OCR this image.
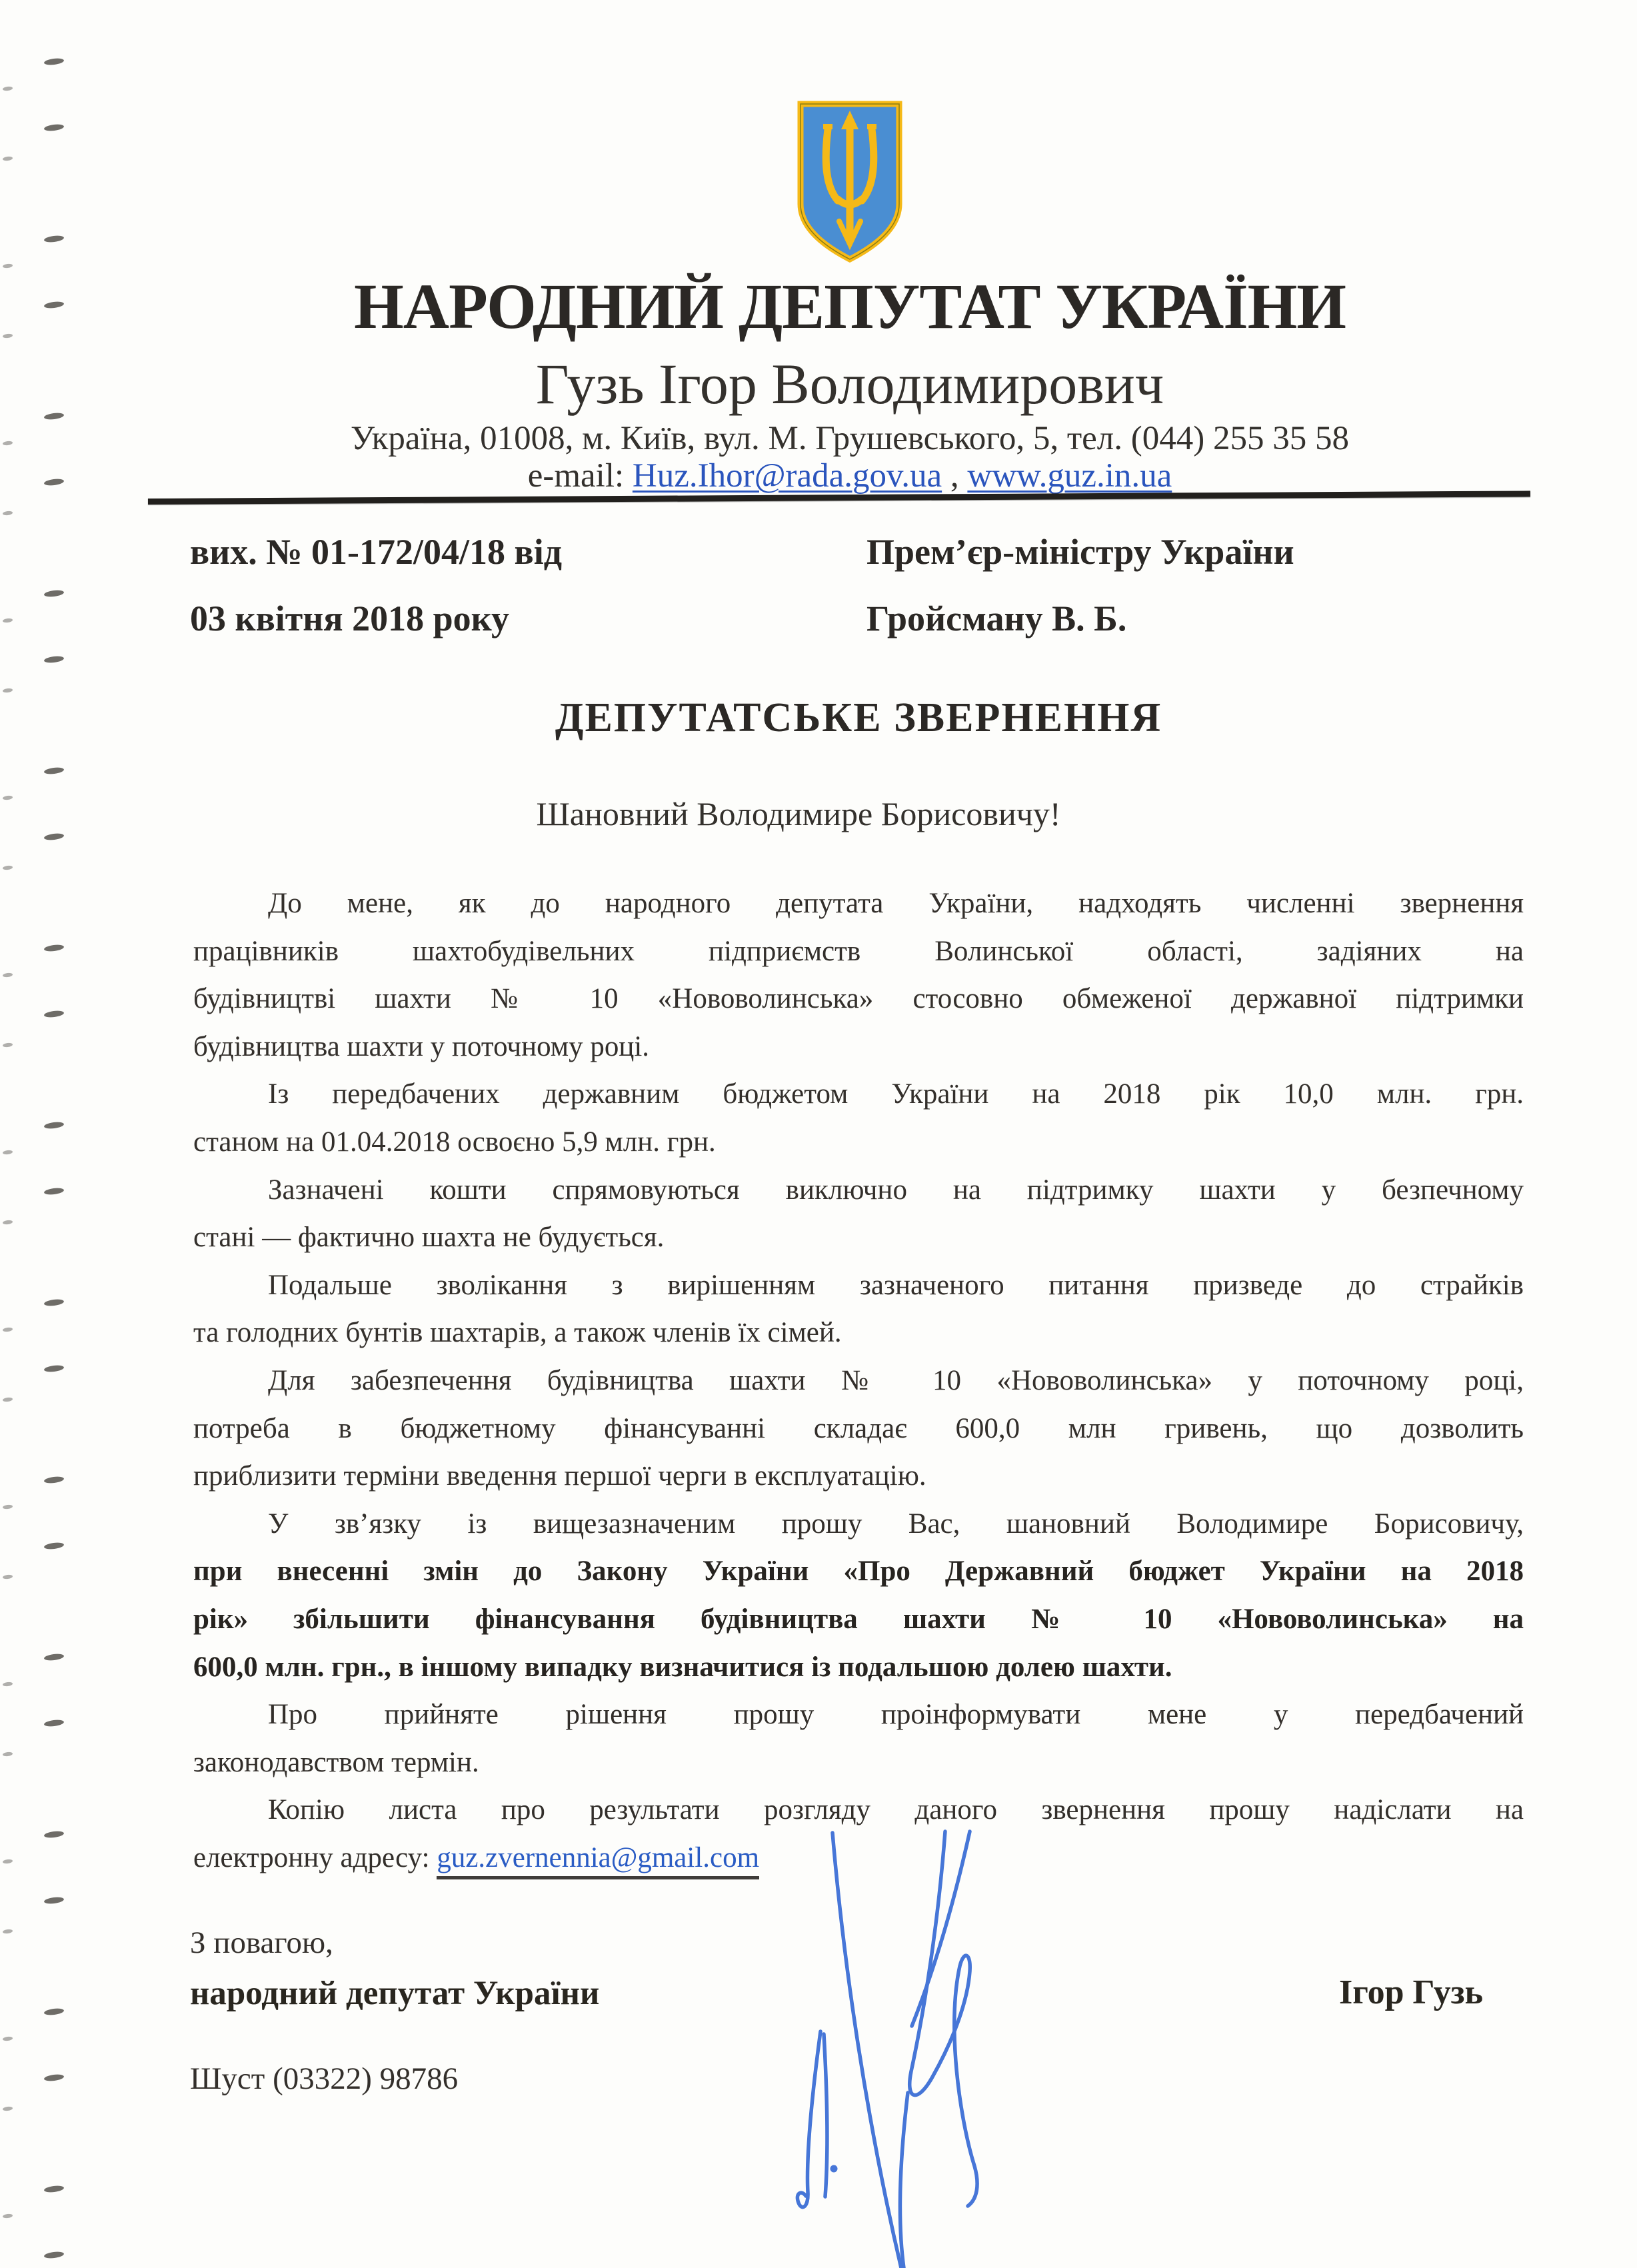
НАРОДНИЙ ДЕПУТАТ УКРАЇНИ
Гузь Ігор Володимирович
Україна, 01008, м. Київ, вул. М. Грушевського, 5, тел. (044) 255 35 58
e-mail: Huz.Ihor@rada.gov.ua , www.guz.in.ua
вих. № 01-172/04/18 від
03 квітня 2018 року
Прем’єр-міністру України
Гройсману В. Б.
ДЕПУТАТСЬКЕ ЗВЕРНЕННЯ
Шановний Володимире Борисовичу!
До мене, як до народного депутата України, надходять численні звернення
працівників шахтобудівельних підприємств Волинської області, задіяних на
будівництві шахти № 10 «Нововолинська» стосовно обмеженої державної підтримки
будівництва шахти у поточному році.
Із передбачених державним бюджетом України на 2018 рік 10,0 млн. грн.
станом на 01.04.2018 освоєно 5,9 млн. грн.
Зазначені кошти спрямовуються виключно на підтримку шахти у безпечному
стані — фактично шахта не будується.
Подальше зволікання з вирішенням зазначеного питання призведе до страйків
та голодних бунтів шахтарів, а також членів їх сімей.
Для забезпечення будівництва шахти № 10 «Нововолинська» у поточному році,
потреба в бюджетному фінансуванні складає 600,0 млн гривень, що дозволить
приблизити терміни введення першої черги в експлуатацію.
У зв’язку із вищезазначеним прошу Вас, шановний Володимире Борисовичу,
при внесенні змін до Закону України «Про Державний бюджет України на 2018
рік» збільшити фінансування будівництва шахти № 10 «Нововолинська» на
600,0 млн. грн., в іншому випадку визначитися із подальшою долею шахти.
Про прийняте рішення прошу проінформувати мене у передбачений
законодавством термін.
Копію листа про результати розгляду даного звернення прошу надіслати на
електронну адресу: guz.zvernennia@gmail.com
З повагою,
народний депутат України	Ігор Гузь
Шуст (03322) 98786
